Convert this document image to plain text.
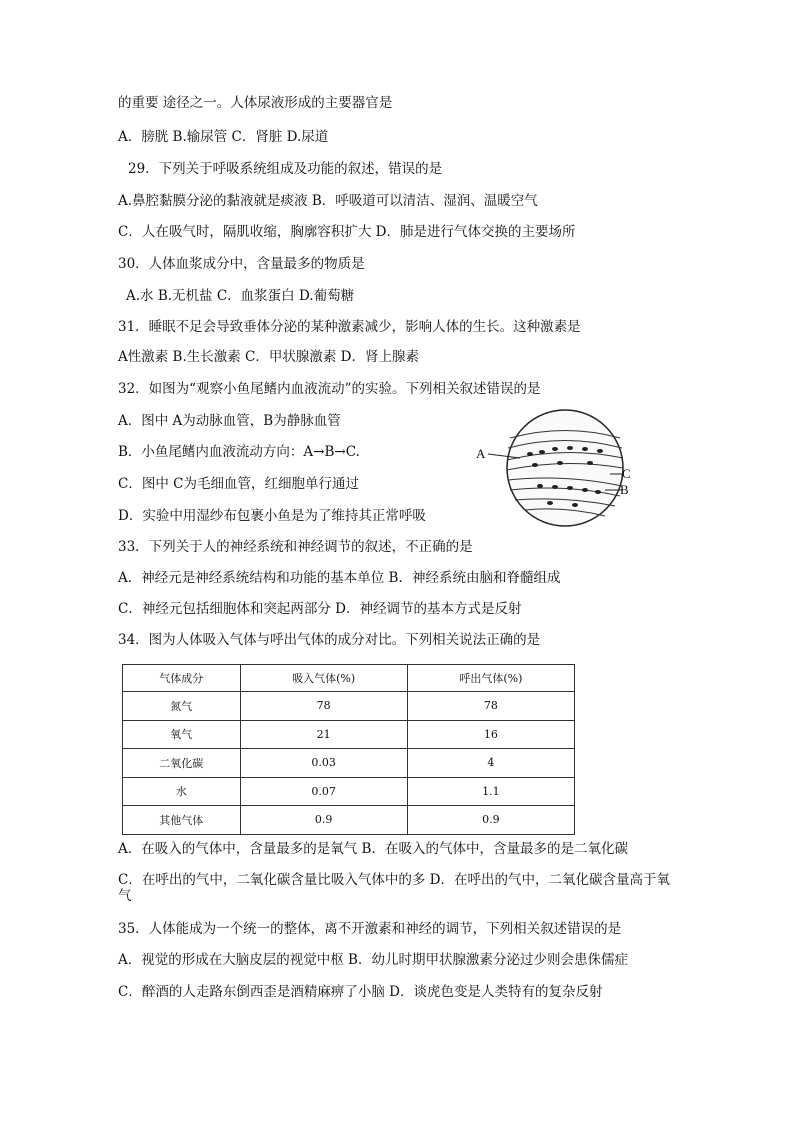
的重要 途径之一。人体尿液形成的主要器官是
A．膀胱 B.输尿管 C．肾脏 D.尿道
29．下列关于呼吸系统组成及功能的叙述，错误的是
A.鼻腔黏膜分泌的黏液就是痰液 B．呼吸道可以清洁、湿润、温暖空气
C．人在吸气时，隔肌收缩，胸廓容积扩大 D．肺是进行气体交换的主要场所
30．人体血浆成分中，含量最多的物质是
A.水 B.无机盐 C．血浆蛋白 D.葡萄糖
31．睡眠不足会导致垂体分泌的某种激素减少，影响人体的生长。这种激素是
A性激素 B.生长激素 C．甲状腺激素 D．肾上腺素
32．如图为“观察小鱼尾鳍内血液流动”的实验。下列相关叙述错误的是
A．图中 A为动脉血管，B为静脉血管
B．小鱼尾鳍内血液流动方向：A→B→C.
C．图中 C为毛细血管，红细胞单行通过
D．实验中用湿纱布包裹小鱼是为了维持其正常呼吸
33．下列关于人的神经系统和神经调节的叙述，不正确的是
A．神经元是神经系统结构和功能的基本单位 B．神经系统由脑和脊髓组成
C．神经元包括细胞体和突起两部分 D．神经调节的基本方式是反射
34．图为人体吸入气体与呼出气体的成分对比。下列相关说法正确的是
A
C
B
气体成分	吸入气体(%)	呼出气体(%)
氮气	78	78
氧气	21	16
二氧化碳	0.03	4
水	0.07	1.1
其他气体	0.9	0.9
A．在吸入的气体中，含量最多的是氧气 B．在吸入的气体中，含量最多的是二氧化碳
C．在呼出的气中，二氧化碳含量比吸入气体中的多 D．在呼出的气中，二氧化碳含量高于氧气
35．人体能成为一个统一的整体，离不开激素和神经的调节，下列相关叙述错误的是
A．视觉的形成在大脑皮层的视觉中枢 B．幼儿时期甲状腺激素分泌过少则会患侏儒症
C．醉酒的人走路东倒西歪是酒精麻痹了小脑 D．谈虎色变是人类特有的复杂反射
